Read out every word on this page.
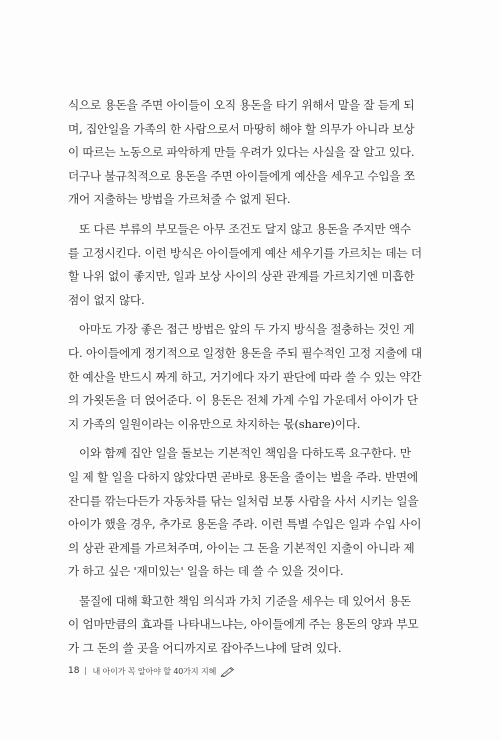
식으로 용돈을 주면 아이들이 오직 용돈을 타기 위해서 말을 잘 듣게 되
며, 집안일을 가족의 한 사람으로서 마땅히 해야 할 의무가 아니라 보상
이 따르는 노동으로 파악하게 만들 우려가 있다는 사실을 잘 알고 있다.
더구나 불규칙적으로 용돈을 주면 아이들에게 예산을 세우고 수입을 쪼
개어 지출하는 방법을 가르쳐줄 수 없게 된다.

또 다른 부류의 부모들은 아무 조건도 달지 않고 용돈을 주지만 액수
를 고정시킨다. 이런 방식은 아이들에게 예산 세우기를 가르치는 데는 더
할 나위 없이 좋지만, 일과 보상 사이의 상관 관계를 가르치기엔 미흡한
점이 없지 않다.

아마도 가장 좋은 접근 방법은 앞의 두 가지 방식을 절충하는 것인 게
다. 아이들에게 정기적으로 일정한 용돈을 주되 필수적인 고정 지출에 대
한 예산을 반드시 짜게 하고, 거기에다 자기 판단에 따라 쓸 수 있는 약간
의 가욋돈을 더 얹어준다. 이 용돈은 전체 가계 수입 가운데서 아이가 단
지 가족의 일원이라는 이유만으로 차지하는 몫(share)이다.

이와 함께 집안 일을 돌보는 기본적인 책임을 다하도록 요구한다. 만
일 제 할 일을 다하지 않았다면 곧바로 용돈을 줄이는 벌을 주라. 반면에
잔디를 깎는다든가 자동차를 닦는 일처럼 보통 사람을 사서 시키는 일을
아이가 했을 경우, 추가로 용돈을 주라. 이런 특별 수입은 일과 수입 사이
의 상관 관계를 가르쳐주며, 아이는 그 돈을 기본적인 지출이 아니라 제
가 하고 싶은 '재미있는' 일을 하는 데 쓸 수 있을 것이다.

물질에 대해 확고한 책임 의식과 가치 기준을 세우는 데 있어서 용돈
이 엄마만큼의 효과를 나타내느냐는, 아이들에게 주는 용돈의 양과 부모
가 그 돈의 쓸 곳을 어디까지로 잡아주느냐에 달려 있다.

18 내 아이가 꼭 알아야 할 40가지 지혜
